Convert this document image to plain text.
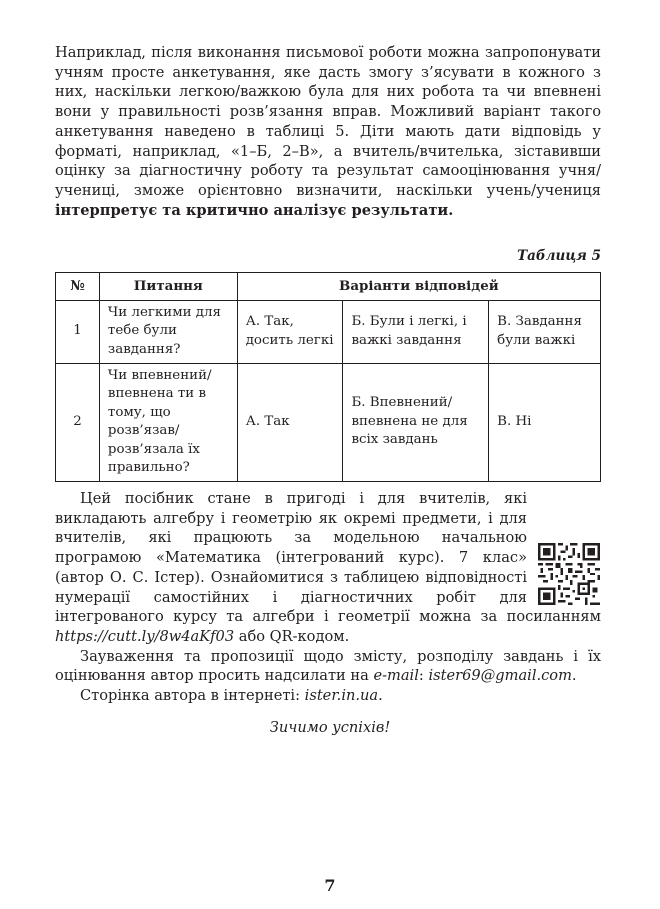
Наприклад, після виконання письмової роботи можна запропонувати учням просте анкетування, яке дасть змогу з’ясувати в кожного з них, наскільки легкою/важкою була для них робота та чи впевнені вони у правильності розв’язання вправ. Можливий варіант такого анкетування наведено в таблиці 5. Діти мають дати відповідь у форматі, наприклад, «1–Б, 2–В», а вчитель/вчителька, зіставивши оцінку за діагностичну роботу та результат самооцінювання учня/учениці, зможе орієнтовно визначити, наскільки учень/учениця інтерпретує та критично аналізує результати.

Таблиця 5
№	Питання	Варіанти відповідей		
1	Чи легкими для тебе були завдання?	А. Так, досить легкі	Б. Були і легкі, і важкі завдання	В. Завдання були важкі
2	Чи впевнений/ впевнена ти в тому, що розв’язав/ розв’язала їх правильно?	А. Так	Б. Впевнений/ впевнена не для всіх завдань	В. Ні

Цей посібник стане в пригоді і для вчителів, які викладають алгебру і геометрію як окремі предмети, і для вчителів, які працюють за модельною начальною програмою «Математика (інтегрований курс). 7 клас» (автор О. С. Істер). Ознайомитися з таблицею відповідності нумерації самостійних і діагностичних робіт для інтегрованого курсу та алгебри і геометрії можна за посиланням https://cutt.ly/8w4aKf03 або QR-кодом.

Зауваження та пропозиції щодо змісту, розподілу завдань і їх оцінювання автор просить надсилати на e-mail: ister69@gmail.com.

Сторінка автора в інтернеті: ister.in.ua.

Зичимо успіхів!
7
